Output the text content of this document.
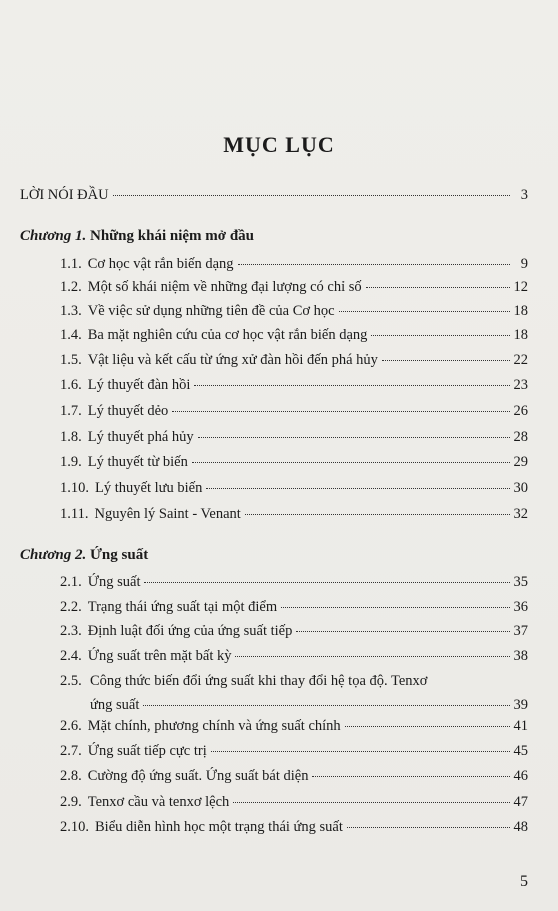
MỤC LỤC
LỜI NÓI ĐẦU	3
Chương 1. Những khái niệm mở đầu
1.1. Cơ học vật rắn biến dạng	9
1.2. Một số khái niệm về những đại lượng có chỉ số	12
1.3. Về việc sử dụng những tiên đề của Cơ học	18
1.4. Ba mặt nghiên cứu của cơ học vật rắn biến dạng	18
1.5. Vật liệu và kết cấu từ ứng xử đàn hồi đến phá hủy	22
1.6. Lý thuyết đàn hồi	23
1.7. Lý thuyết dẻo	26
1.8. Lý thuyết phá hủy	28
1.9. Lý thuyết từ biến	29
1.10. Lý thuyết lưu biến	30
1.11. Nguyên lý Saint - Venant	32
Chương 2. Ứng suất
2.1. Ứng suất	35
2.2. Trạng thái ứng suất tại một điểm	36
2.3. Định luật đối ứng của ứng suất tiếp	37
2.4. Ứng suất trên mặt bất kỳ	38
2.5. Công thức biến đổi ứng suất khi thay đổi hệ tọa độ. Tenxơ
ứng suất	39
2.6. Mặt chính, phương chính và ứng suất chính	41
2.7. Ứng suất tiếp cực trị	45
2.8. Cường độ ứng suất. Ứng suất bát diện	46
2.9. Tenxơ cầu và tenxơ lệch	47
2.10. Biểu diễn hình học một trạng thái ứng suất	48
5
